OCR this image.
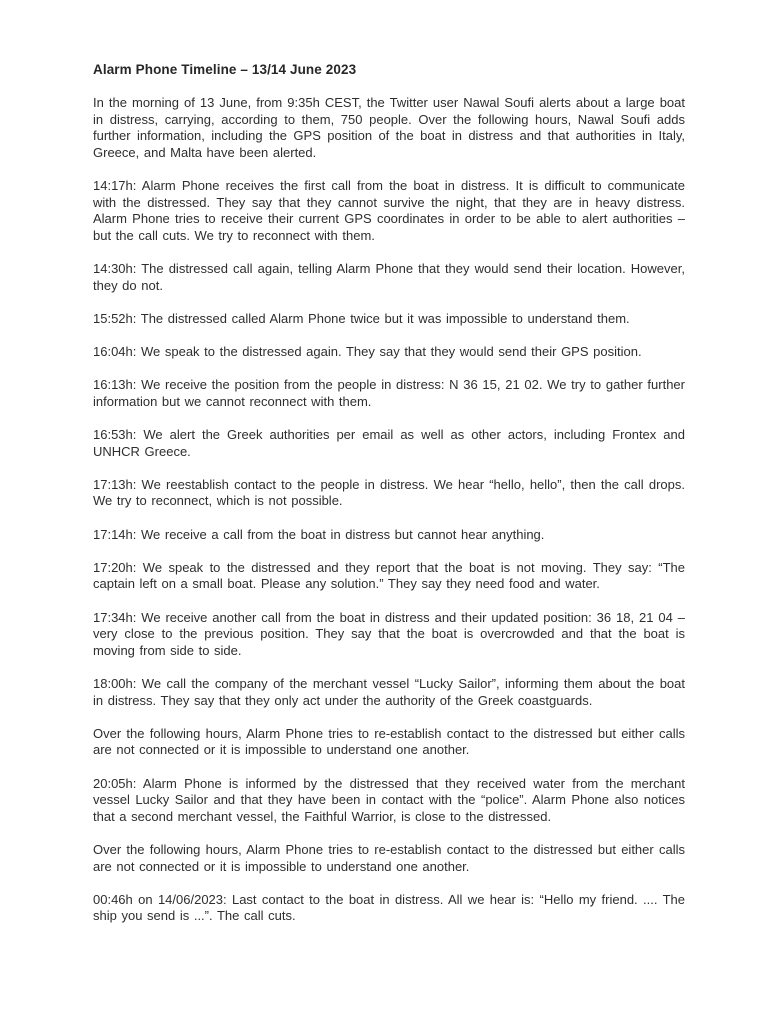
Alarm Phone Timeline – 13/14 June 2023

In the morning of 13 June, from 9:35h CEST, the Twitter user Nawal Soufi alerts about a large boat in distress, carrying, according to them, 750 people. Over the following hours, Nawal Soufi adds further information, including the GPS position of the boat in distress and that authorities in Italy, Greece, and Malta have been alerted.

14:17h: Alarm Phone receives the first call from the boat in distress. It is difficult to communicate with the distressed. They say that they cannot survive the night, that they are in heavy distress. Alarm Phone tries to receive their current GPS coordinates in order to be able to alert authorities – but the call cuts. We try to reconnect with them.

14:30h: The distressed call again, telling Alarm Phone that they would send their location. However, they do not.

15:52h: The distressed called Alarm Phone twice but it was impossible to understand them.

16:04h: We speak to the distressed again. They say that they would send their GPS position.

16:13h: We receive the position from the people in distress: N 36 15, 21 02. We try to gather further information but we cannot reconnect with them.

16:53h: We alert the Greek authorities per email as well as other actors, including Frontex and UNHCR Greece.

17:13h: We reestablish contact to the people in distress. We hear “hello, hello”, then the call drops. We try to reconnect, which is not possible.

17:14h: We receive a call from the boat in distress but cannot hear anything.

17:20h: We speak to the distressed and they report that the boat is not moving. They say: “The captain left on a small boat. Please any solution.” They say they need food and water.

17:34h: We receive another call from the boat in distress and their updated position: 36 18, 21 04 – very close to the previous position. They say that the boat is overcrowded and that the boat is moving from side to side.

18:00h: We call the company of the merchant vessel “Lucky Sailor”, informing them about the boat in distress. They say that they only act under the authority of the Greek coastguards.

Over the following hours, Alarm Phone tries to re-establish contact to the distressed but either calls are not connected or it is impossible to understand one another.

20:05h: Alarm Phone is informed by the distressed that they received water from the merchant vessel Lucky Sailor and that they have been in contact with the “police”. Alarm Phone also notices that a second merchant vessel, the Faithful Warrior, is close to the distressed.

Over the following hours, Alarm Phone tries to re-establish contact to the distressed but either calls are not connected or it is impossible to understand one another.

00:46h on 14/06/2023: Last contact to the boat in distress. All we hear is: “Hello my friend. .... The ship you send is ...”. The call cuts.
